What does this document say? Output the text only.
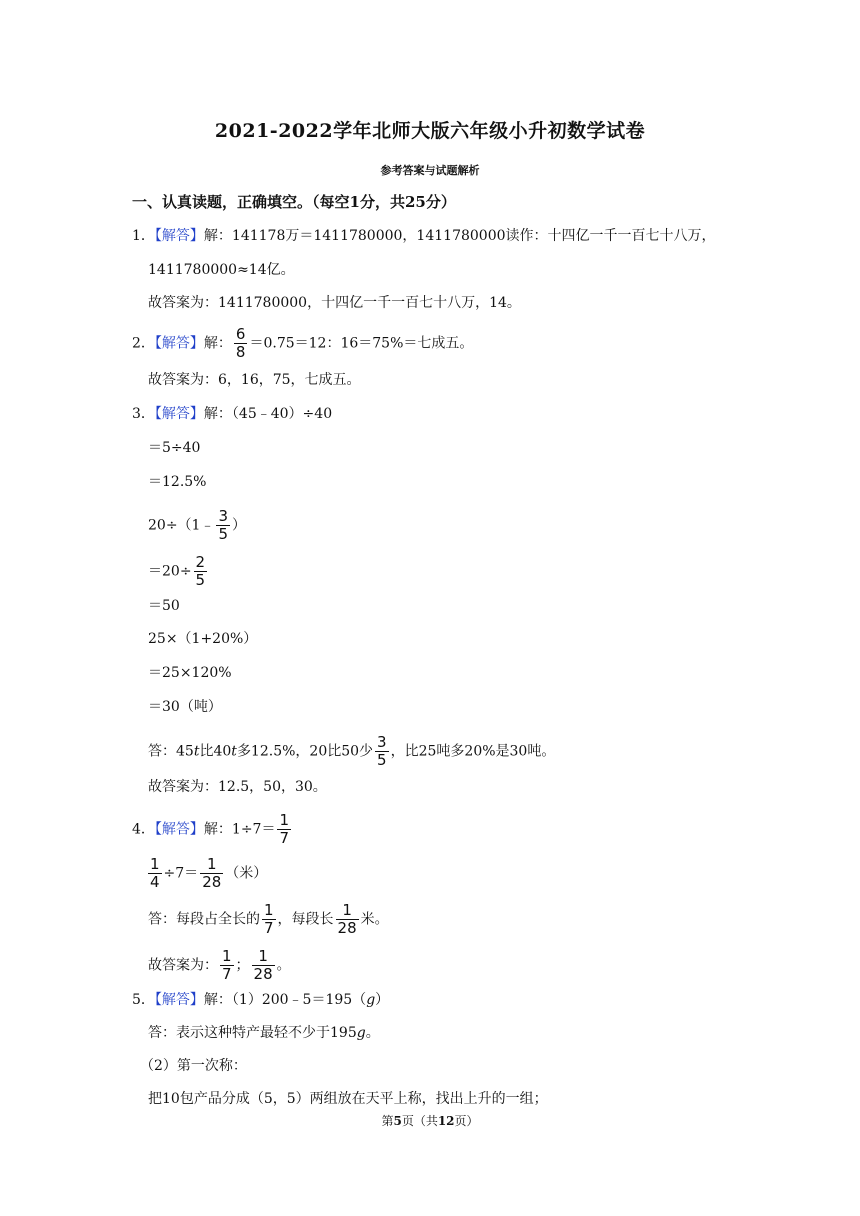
2021-2022学年北师大版六年级小升初数学试卷
参考答案与试题解析
一、认真读题，正确填空。（每空1分，共25分）
1．【解答】解：141178万＝1411780000，1411780000读作：十四亿一千一百七十八万，
1411780000≈14亿。
故答案为：1411780000，十四亿一千一百七十八万，14。
2．【解答】解： $\frac{6}{8} =0.75=12$：16＝75%＝七成五。
故答案为：6，16，75，七成五。
3．【解答】解：（45﹣40）÷40
＝5÷40
＝12.5%
20÷（1﹣ $\frac{3}{5}$ ）
$=20\div \frac{2}{5}$
＝50
25×（1+20%）
＝25×120%
＝30（吨）
答：45t比40t多12.5%，20比50少 $\frac{3}{5}$ ，比25吨多20%是30吨。
故答案为：12.5，50，30。
4．【解答】解：$1\div 7= \frac{1}{7}$
$\frac{1}{4} \div 7= \frac{1}{28}$ （米）
答：每段占全长的 $\frac{1}{7}$ ，每段长 $\frac{1}{28}$ 米。
故答案为： $\frac{1}{7}$ ； $\frac{1}{28}$ 。
5．【解答】解：（1）200﹣5＝195（g）
答：表示这种特产最轻不少于195g。
（2）第一次称：
把10包产品分成（5，5）两组放在天平上称，找出上升的一组；
第5页（共12页）
